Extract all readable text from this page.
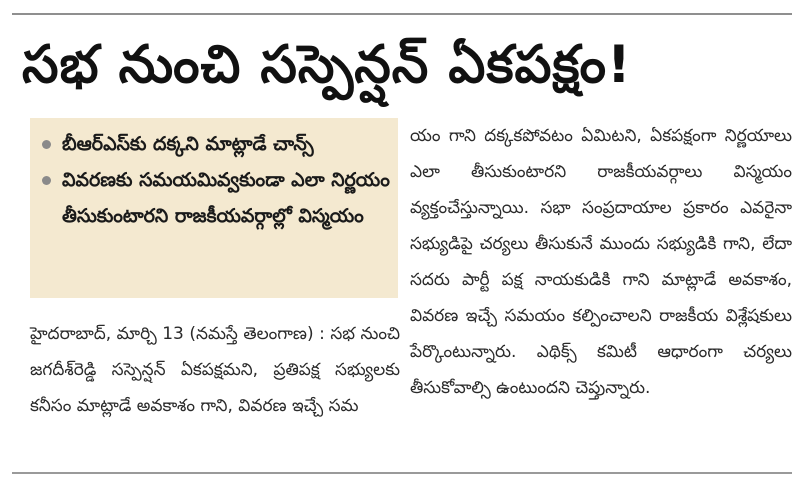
సభ నుంచి సస్పెన్షన్ ఏకపక్షం!
బీఆర్ఎస్‌కు దక్కని మాట్లాడే చాన్స్
వివరణకు సమయమివ్వకుండా ఎలా నిర్ణయం తీసుకుంటారని రాజకీయవర్గాల్లో విస్మయం

హైదరాబాద్, మార్చి 13 (నమస్తే తెలంగాణ) : సభ నుంచి జగదీశ్‌రెడ్డి సస్పెన్షన్ ఏకపక్షమని, ప్రతిపక్ష సభ్యులకు కనీసం మాట్లాడే అవకాశం గాని, వివరణ ఇచ్చే సమ

యం గాని దక్కకపోవటం ఏమిటని, ఏకపక్షంగా నిర్ణయాలు ఎలా తీసుకుంటారని రాజకీయవర్గాలు విస్మయం వ్యక్తంచేస్తున్నాయి. సభా సంప్రదాయాల ప్రకారం ఎవరైనా సభ్యుడిపై చర్యలు తీసుకునే ముందు సభ్యుడికి గాని, లేదా సదరు పార్టీ పక్ష నాయకుడికి గాని మాట్లాడే అవకాశం, వివరణ ఇచ్చే సమయం కల్పించాలని రాజకీయ విశ్లేషకులు పేర్కొంటున్నారు. ఎథిక్స్ కమిటీ ఆధారంగా చర్యలు తీసుకోవాల్సి ఉంటుందని చెప్తున్నారు.
